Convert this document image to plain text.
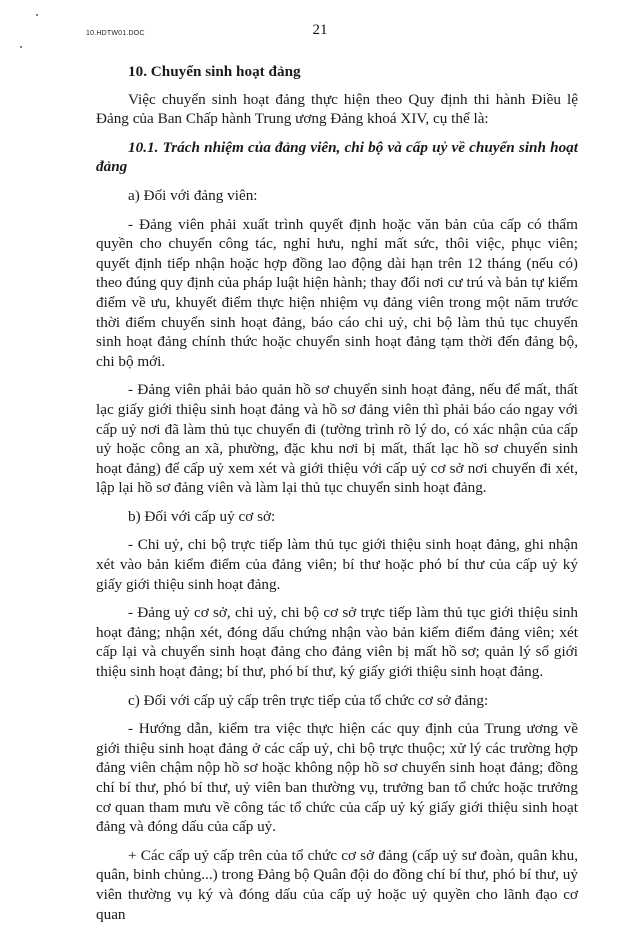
10.HDTW01.DOC	21
10. Chuyển sinh hoạt đảng

Việc chuyển sinh hoạt đảng thực hiện theo Quy định thi hành Điều lệ Đảng của Ban Chấp hành Trung ương Đảng khoá XIV, cụ thể là:

10.1. Trách nhiệm của đảng viên, chi bộ và cấp uỷ về chuyển sinh hoạt đảng

a) Đối với đảng viên:

- Đảng viên phải xuất trình quyết định hoặc văn bản của cấp có thẩm quyền cho chuyển công tác, nghỉ hưu, nghỉ mất sức, thôi việc, phục viên; quyết định tiếp nhận hoặc hợp đồng lao động dài hạn trên 12 tháng (nếu có) theo đúng quy định của pháp luật hiện hành; thay đổi nơi cư trú và bản tự kiểm điểm về ưu, khuyết điểm thực hiện nhiệm vụ đảng viên trong một năm trước thời điểm chuyển sinh hoạt đảng, báo cáo chi uỷ, chi bộ làm thủ tục chuyển sinh hoạt đảng chính thức hoặc chuyển sinh hoạt đảng tạm thời đến đảng bộ, chi bộ mới.

- Đảng viên phải bảo quản hồ sơ chuyển sinh hoạt đảng, nếu để mất, thất lạc giấy giới thiệu sinh hoạt đảng và hồ sơ đảng viên thì phải báo cáo ngay với cấp uỷ nơi đã làm thủ tục chuyển đi (tường trình rõ lý do, có xác nhận của cấp uỷ hoặc công an xã, phường, đặc khu nơi bị mất, thất lạc hồ sơ chuyển sinh hoạt đảng) để cấp uỷ xem xét và giới thiệu với cấp uỷ cơ sở nơi chuyển đi xét, lập lại hồ sơ đảng viên và làm lại thủ tục chuyển sinh hoạt đảng.

b) Đối với cấp uỷ cơ sở:

- Chi uỷ, chi bộ trực tiếp làm thủ tục giới thiệu sinh hoạt đảng, ghi nhận xét vào bản kiểm điểm của đảng viên; bí thư hoặc phó bí thư của cấp uỷ ký giấy giới thiệu sinh hoạt đảng.

- Đảng uỷ cơ sở, chi uỷ, chi bộ cơ sở trực tiếp làm thủ tục giới thiệu sinh hoạt đảng; nhận xét, đóng dấu chứng nhận vào bản kiểm điểm đảng viên; xét cấp lại và chuyển sinh hoạt đảng cho đảng viên bị mất hồ sơ; quản lý sổ giới thiệu sinh hoạt đảng; bí thư, phó bí thư, ký giấy giới thiệu sinh hoạt đảng.

c) Đối với cấp uỷ cấp trên trực tiếp của tổ chức cơ sở đảng:

- Hướng dẫn, kiểm tra việc thực hiện các quy định của Trung ương về giới thiệu sinh hoạt đảng ở các cấp uỷ, chi bộ trực thuộc; xử lý các trường hợp đảng viên chậm nộp hồ sơ hoặc không nộp hồ sơ chuyển sinh hoạt đảng; đồng chí bí thư, phó bí thư, uỷ viên ban thường vụ, trưởng ban tổ chức hoặc trưởng cơ quan tham mưu về công tác tổ chức của cấp uỷ ký giấy giới thiệu sinh hoạt đảng và đóng dấu của cấp uỷ.

+ Các cấp uỷ cấp trên của tổ chức cơ sở đảng (cấp uỷ sư đoàn, quân khu, quân, binh chủng...) trong Đảng bộ Quân đội do đồng chí bí thư, phó bí thư, uỷ viên thường vụ ký và đóng dấu của cấp uỷ hoặc uỷ quyền cho lãnh đạo cơ quan
